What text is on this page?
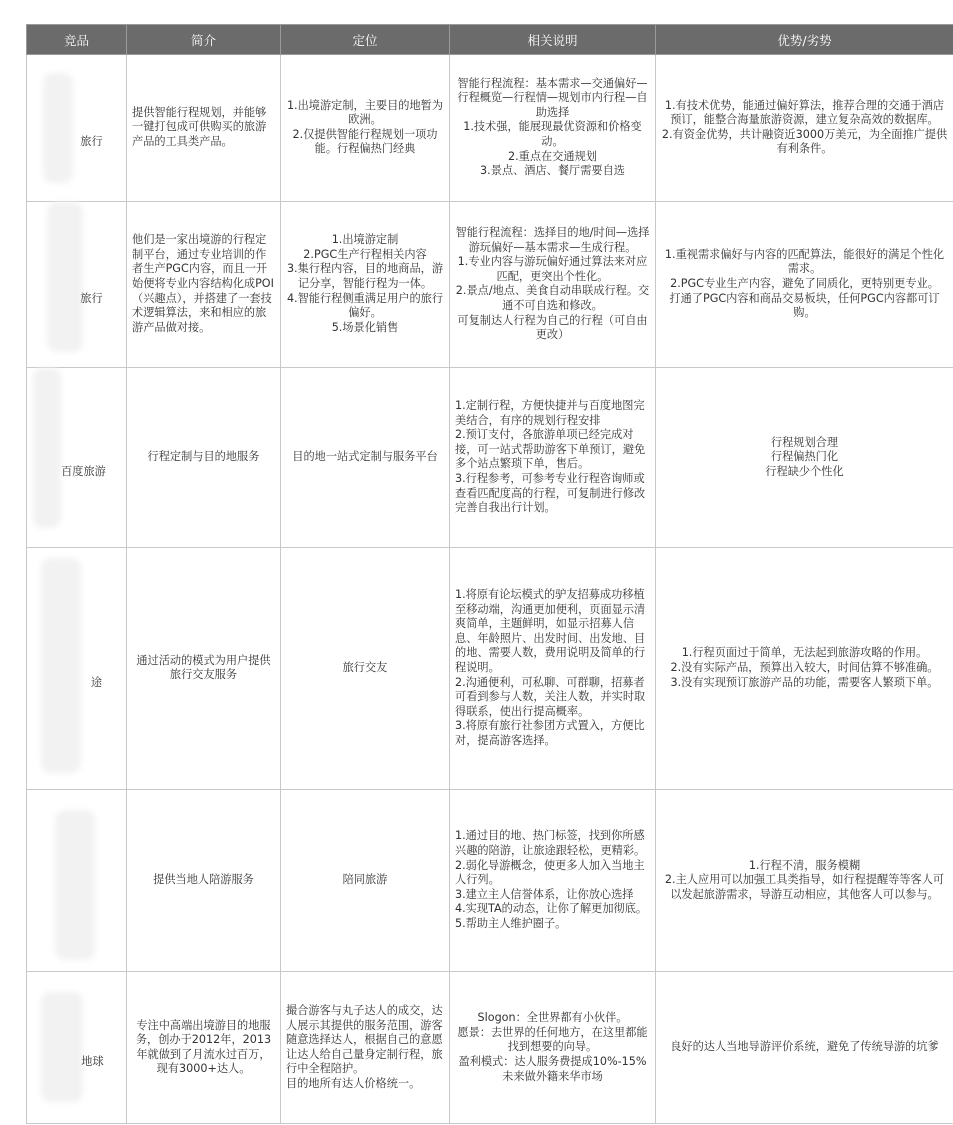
竞品	简介	定位	相关说明	优势/劣势

旅行	提供智能行程规划，并能够一键打包成可供购买的旅游产品的工具类产品。	1.出境游定制，主要目的地暂为欧洲。
2.仅提供智能行程规划一项功能。行程偏热门经典	智能行程流程：基本需求—交通偏好—行程概览—行程情—规划市内行程—自助选择
1.技术强，能展现最优资源和价格变动。
2.重点在交通规划
3.景点、酒店、餐厅需要自选	1.有技术优势，能通过偏好算法，推荐合理的交通于酒店预订，能整合海量旅游资源，建立复杂高效的数据库。
2.有资金优势，共计融资近3000万美元，为全面推广提供有利条件。

旅行	他们是一家出境游的行程定制平台，通过专业培训的作者生产PGC内容，而且一开始便将专业内容结构化成POI（兴趣点），并搭建了一套技术逻辑算法，来和相应的旅游产品做对接。	1.出境游定制
2.PGC生产行程相关内容
3.集行程内容，目的地商品，游记分享，智能行程为一体。
4.智能行程侧重满足用户的旅行偏好。
5.场景化销售	智能行程流程：选择目的地/时间—选择游玩偏好—基本需求—生成行程。
1.专业内容与游玩偏好通过算法来对应匹配，更突出个性化。
2.景点/地点、美食自动串联成行程。交通不可自选和修改。
可复制达人行程为自己的行程（可自由更改）	1.重视需求偏好与内容的匹配算法，能很好的满足个性化需求。
2.PGC专业生产内容，避免了同质化，更特别更专业。
打通了PGC内容和商品交易板块，任何PGC内容都可订购。

百度旅游	行程定制与目的地服务	目的地一站式定制与服务平台	1.定制行程，方便快捷并与百度地图完美结合，有序的规划行程安排
2.预订支付，各旅游单项已经完成对接，可一站式帮助游客下单预订，避免多个站点繁琐下单，售后。
3.行程参考，可参考专业行程咨询师或查看匹配度高的行程，可复制进行修改完善自我出行计划。	行程规划合理
行程偏热门化
行程缺少个性化

途	通过活动的模式为用户提供旅行交友服务	旅行交友	1.将原有论坛模式的驴友招募成功移植至移动端，沟通更加便利，页面显示清爽简单，主题鲜明，如显示招募人信息、年龄照片、出发时间、出发地、目的地、需要人数，费用说明及简单的行程说明。
2.沟通便利，可私聊、可群聊，招募者可看到参与人数，关注人数，并实时取得联系，使出行提高概率。
3.将原有旅行社参团方式置入，方便比对，提高游客选择。	1.行程页面过于简单，无法起到旅游攻略的作用。
2.没有实际产品，预算出入较大，时间估算不够准确。
3.没有实现预订旅游产品的功能，需要客人繁琐下单。

	提供当地人陪游服务	陪同旅游	1.通过目的地、热门标签，找到你所感兴趣的陪游，让旅途跟轻松，更精彩。
2.弱化导游概念，使更多人加入当地主人行列。
3.建立主人信誉体系，让你放心选择
4.实现TA的动态，让你了解更加彻底。
5.帮助主人维护圈子。	1.行程不清，服务模糊
2.主人应用可以加强工具类指导，如行程提醒等等客人可以发起旅游需求，导游互动相应，其他客人可以参与。

地球	专注中高端出境游目的地服务，创办于2012年，2013年就做到了月流水过百万，
现有3000+达人。	撮合游客与丸子达人的成交，达人展示其提供的服务范围，游客随意选择达人，根据自己的意愿让达人给自己量身定制行程，旅行中全程陪护。
目的地所有达人价格统一。	Slogon：全世界都有小伙伴。
愿景：去世界的任何地方，在这里都能找到想要的向导。
盈利模式：达人服务费提成10%-15% 未来做外籍来华市场	良好的达人当地导游评价系统，避免了传统导游的坑爹
